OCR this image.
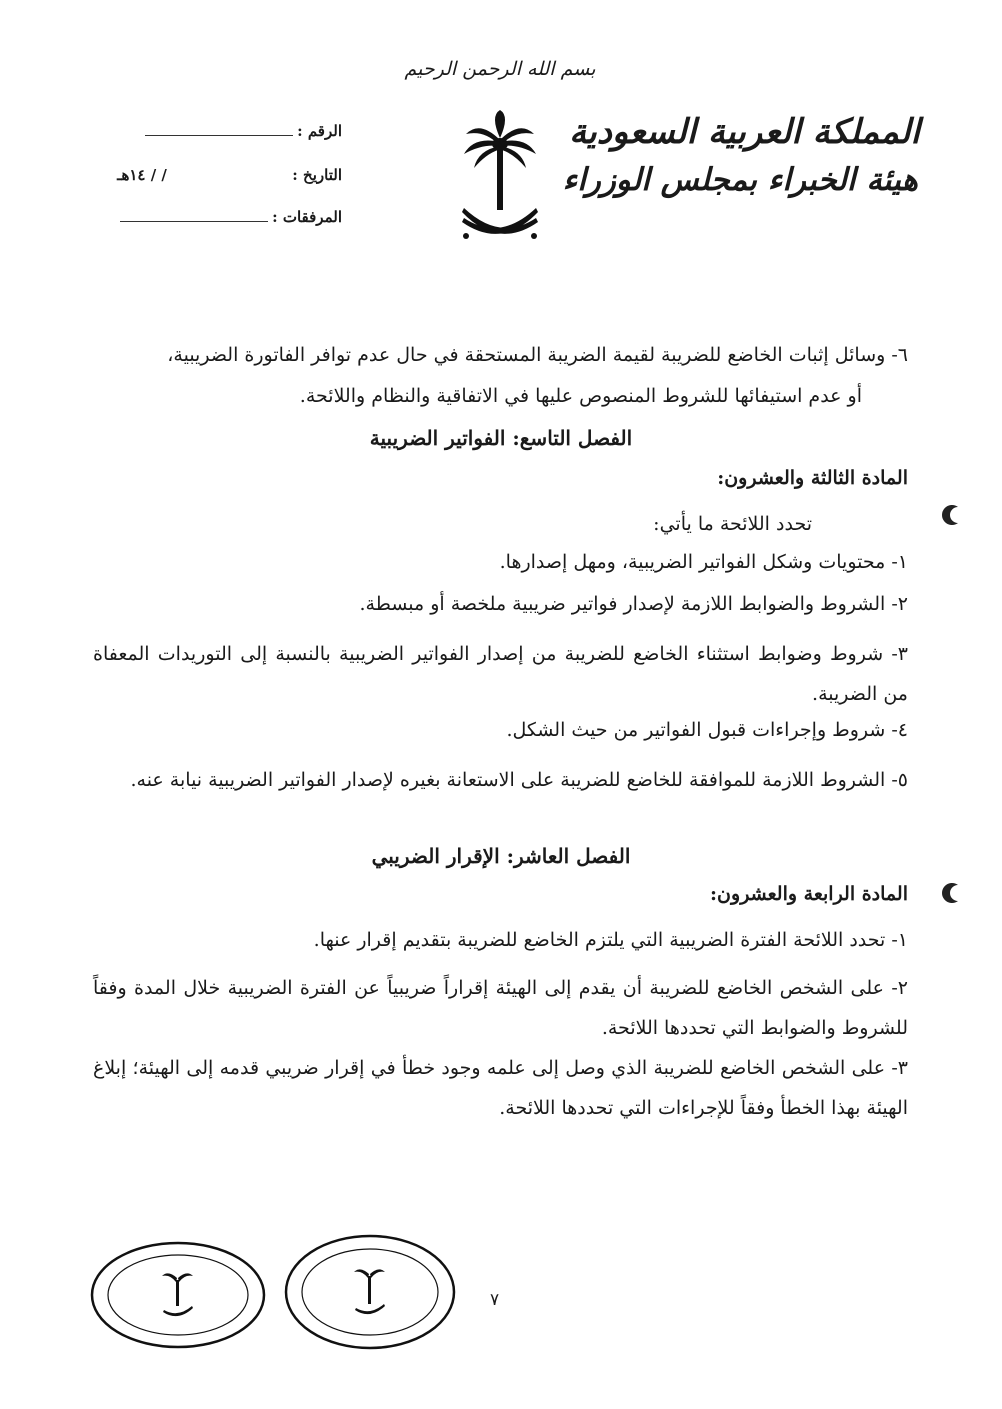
بسم الله الرحمن الرحيم
المملكة العربية السعودية
هيئة الخبراء بمجلس الوزراء
الرقم :
التاريخ : / / ١٤هـ
المرفقات :
٦- وسائل إثبات الخاضع للضريبة لقيمة الضريبة المستحقة في حال عدم توافر الفاتورة الضريبية،
أو عدم استيفائها للشروط المنصوص عليها في الاتفاقية والنظام واللائحة.
الفصل التاسع: الفواتير الضريبية
المادة الثالثة والعشرون:
تحدد اللائحة ما يأتي:
١- محتويات وشكل الفواتير الضريبية، ومهل إصدارها.
٢- الشروط والضوابط اللازمة لإصدار فواتير ضريبية ملخصة أو مبسطة.
٣- شروط وضوابط استثناء الخاضع للضريبة من إصدار الفواتير الضريبية بالنسبة إلى التوريدات المعفاة من الضريبة.
٤- شروط وإجراءات قبول الفواتير من حيث الشكل.
٥- الشروط اللازمة للموافقة للخاضع للضريبة على الاستعانة بغيره لإصدار الفواتير الضريبية نيابة عنه.
الفصل العاشر: الإقرار الضريبي
المادة الرابعة والعشرون:
١- تحدد اللائحة الفترة الضريبية التي يلتزم الخاضع للضريبة بتقديم إقرار عنها.
٢- على الشخص الخاضع للضريبة أن يقدم إلى الهيئة إقراراً ضريبياً عن الفترة الضريبية خلال المدة وفقاً للشروط والضوابط التي تحددها اللائحة.
٣- على الشخص الخاضع للضريبة الذي وصل إلى علمه وجود خطأ في إقرار ضريبي قدمه إلى الهيئة؛ إبلاغ الهيئة بهذا الخطأ وفقاً للإجراءات التي تحددها اللائحة.
٧
